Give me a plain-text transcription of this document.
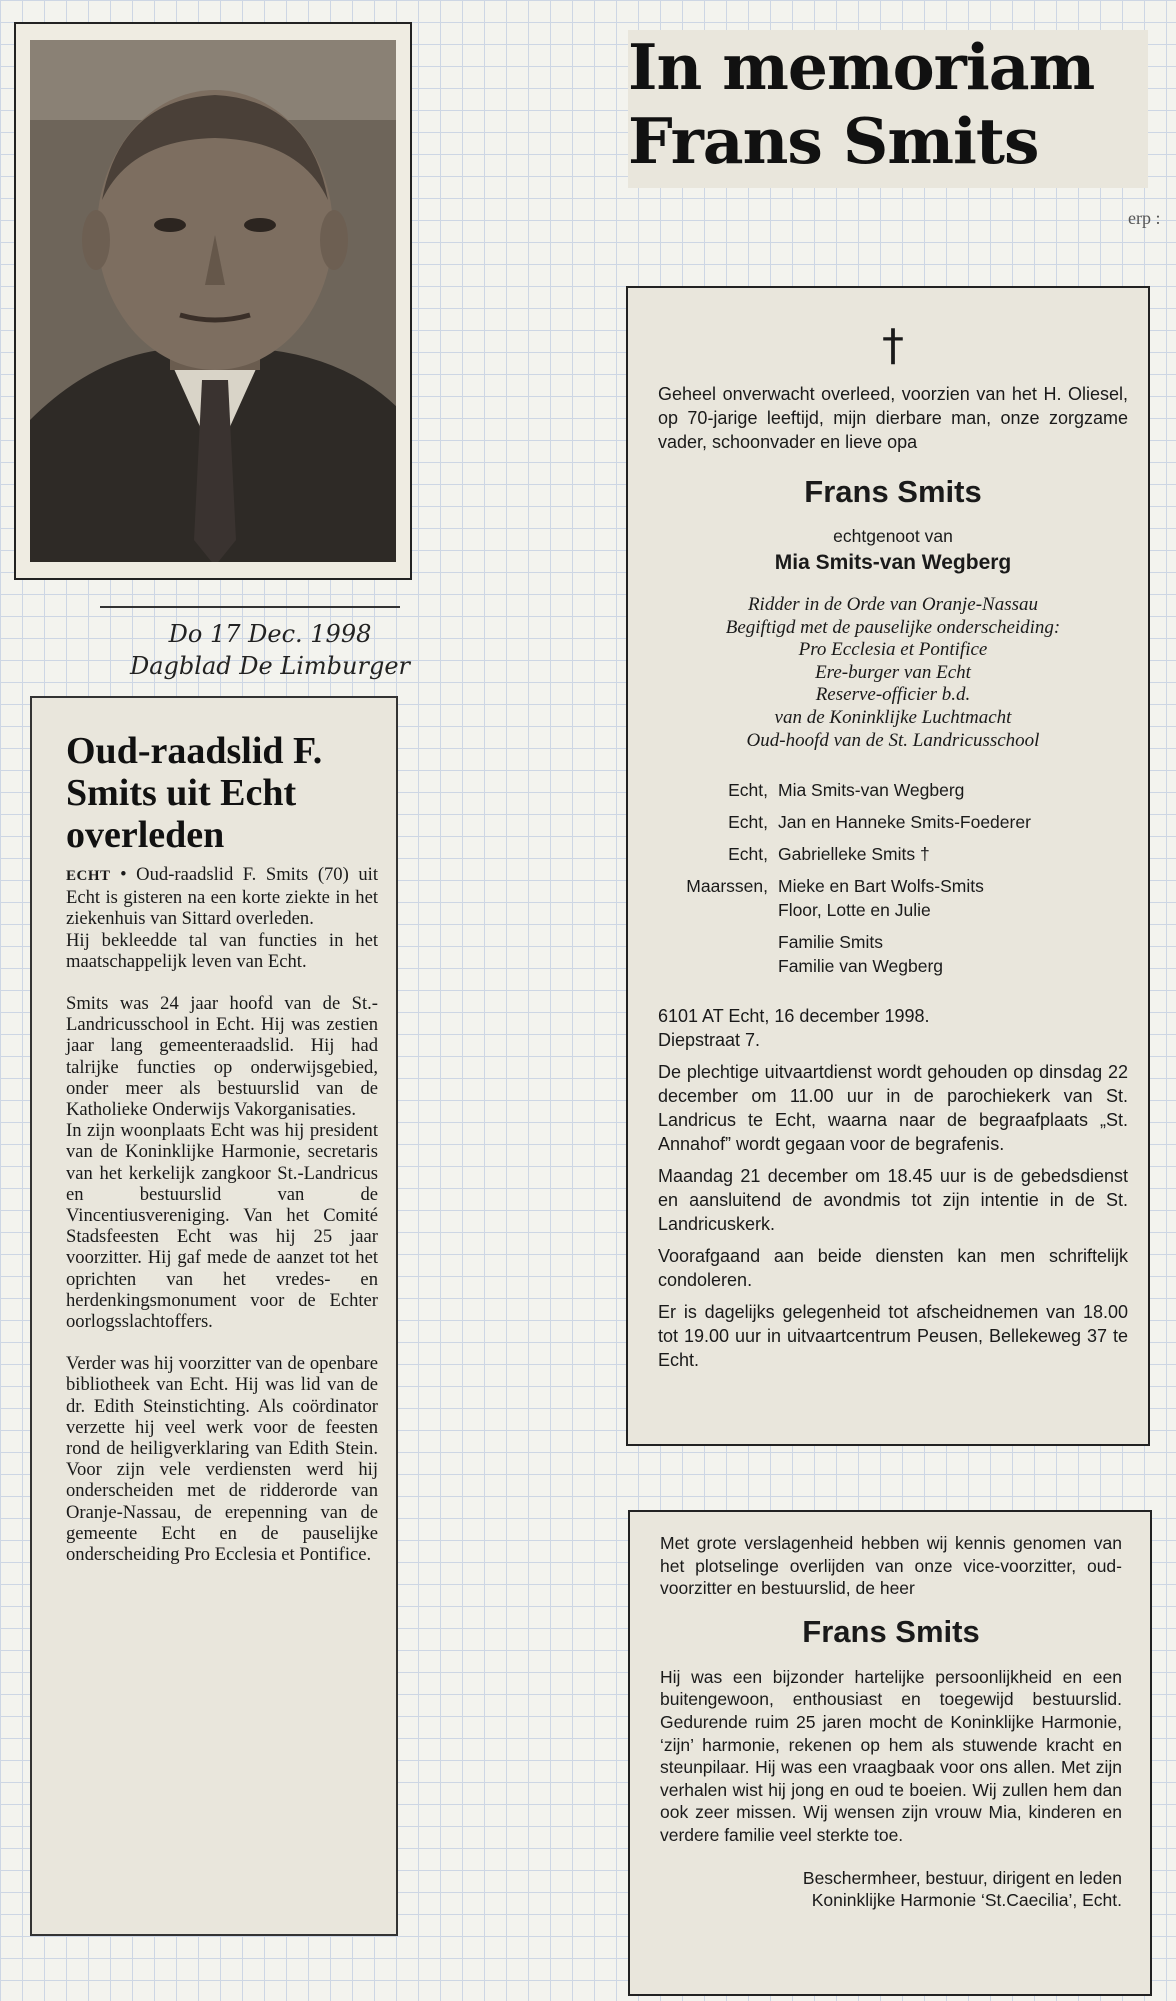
Do 17 Dec. 1998
Dagblad De Limburger
Oud-raadslid F. Smits uit Echt overleden

ECHT • Oud-raadslid F. Smits (70) uit Echt is gisteren na een korte ziekte in het ziekenhuis van Sittard overleden.

Hij bekleedde tal van functies in het maatschappelijk leven van Echt.

Smits was 24 jaar hoofd van de St.-Landricusschool in Echt. Hij was zestien jaar lang gemeenteraadslid. Hij had talrijke functies op onderwijsgebied, onder meer als bestuurslid van de Katholieke Onderwijs Vakorganisaties.

In zijn woonplaats Echt was hij president van de Koninklijke Harmonie, secretaris van het kerkelijk zangkoor St.-Landricus en bestuurslid van de Vincentiusvereniging. Van het Comité Stadsfeesten Echt was hij 25 jaar voorzitter. Hij gaf mede de aanzet tot het oprichten van het vredes- en herdenkingsmonument voor de Echter oorlogsslachtoffers.

Verder was hij voorzitter van de openbare bibliotheek van Echt. Hij was lid van de dr. Edith Steinstichting. Als coördinator verzette hij veel werk voor de feesten rond de heiligverklaring van Edith Stein. Voor zijn vele verdiensten werd hij onderscheiden met de ridderorde van Oranje-Nassau, de erepenning van de gemeente Echt en de pauselijke onderscheiding Pro Ecclesia et Pontifice.

In memoriam
Frans Smits
erp :
†
Geheel onverwacht overleed, voorzien van het H. Oliesel, op 70-jarige leeftijd, mijn dierbare man, onze zorgzame vader, schoonvader en lieve opa
Frans Smits
echtgenoot van
Mia Smits-van Wegberg
Ridder in de Orde van Oranje-Nassau
Begiftigd met de pauselijke onderscheiding:
Pro Ecclesia et Pontifice
Ere-burger van Echt
Reserve-officier b.d.
van de Koninklijke Luchtmacht
Oud-hoofd van de St. Landricusschool
Echt,	Mia Smits-van Wegberg
Echt,	Jan en Hanneke Smits-Foederer
Echt,	Gabrielleke Smits †
Maarssen,	Mieke en Bart Wolfs-Smits
	Floor, Lotte en Julie
	Familie Smits
	Familie van Wegberg
6101 AT Echt, 16 december 1998.
Diepstraat 7.
De plechtige uitvaartdienst wordt gehouden op dinsdag 22 december om 11.00 uur in de parochiekerk van St. Landricus te Echt, waarna naar de begraafplaats „St. Annahof” wordt gegaan voor de begrafenis.
Maandag 21 december om 18.45 uur is de gebedsdienst en aansluitend de avondmis tot zijn intentie in de St. Landricuskerk.
Voorafgaand aan beide diensten kan men schriftelijk condoleren.
Er is dagelijks gelegenheid tot afscheidnemen van 18.00 tot 19.00 uur in uitvaartcentrum Peusen, Bellekeweg 37 te Echt.
Met grote verslagenheid hebben wij kennis genomen van het plotselinge overlijden van onze vice-voorzitter, oud-voorzitter en bestuurslid, de heer
Frans Smits
Hij was een bijzonder hartelijke persoonlijkheid en een buitengewoon, enthousiast en toegewijd bestuurslid. Gedurende ruim 25 jaren mocht de Koninklijke Harmonie, ‘zijn’ harmonie, rekenen op hem als stuwende kracht en steunpilaar. Hij was een vraagbaak voor ons allen. Met zijn verhalen wist hij jong en oud te boeien. Wij zullen hem dan ook zeer missen. Wij wensen zijn vrouw Mia, kinderen en verdere familie veel sterkte toe.
Beschermheer, bestuur, dirigent en leden
Koninklijke Harmonie ‘St.Caecilia’, Echt.
